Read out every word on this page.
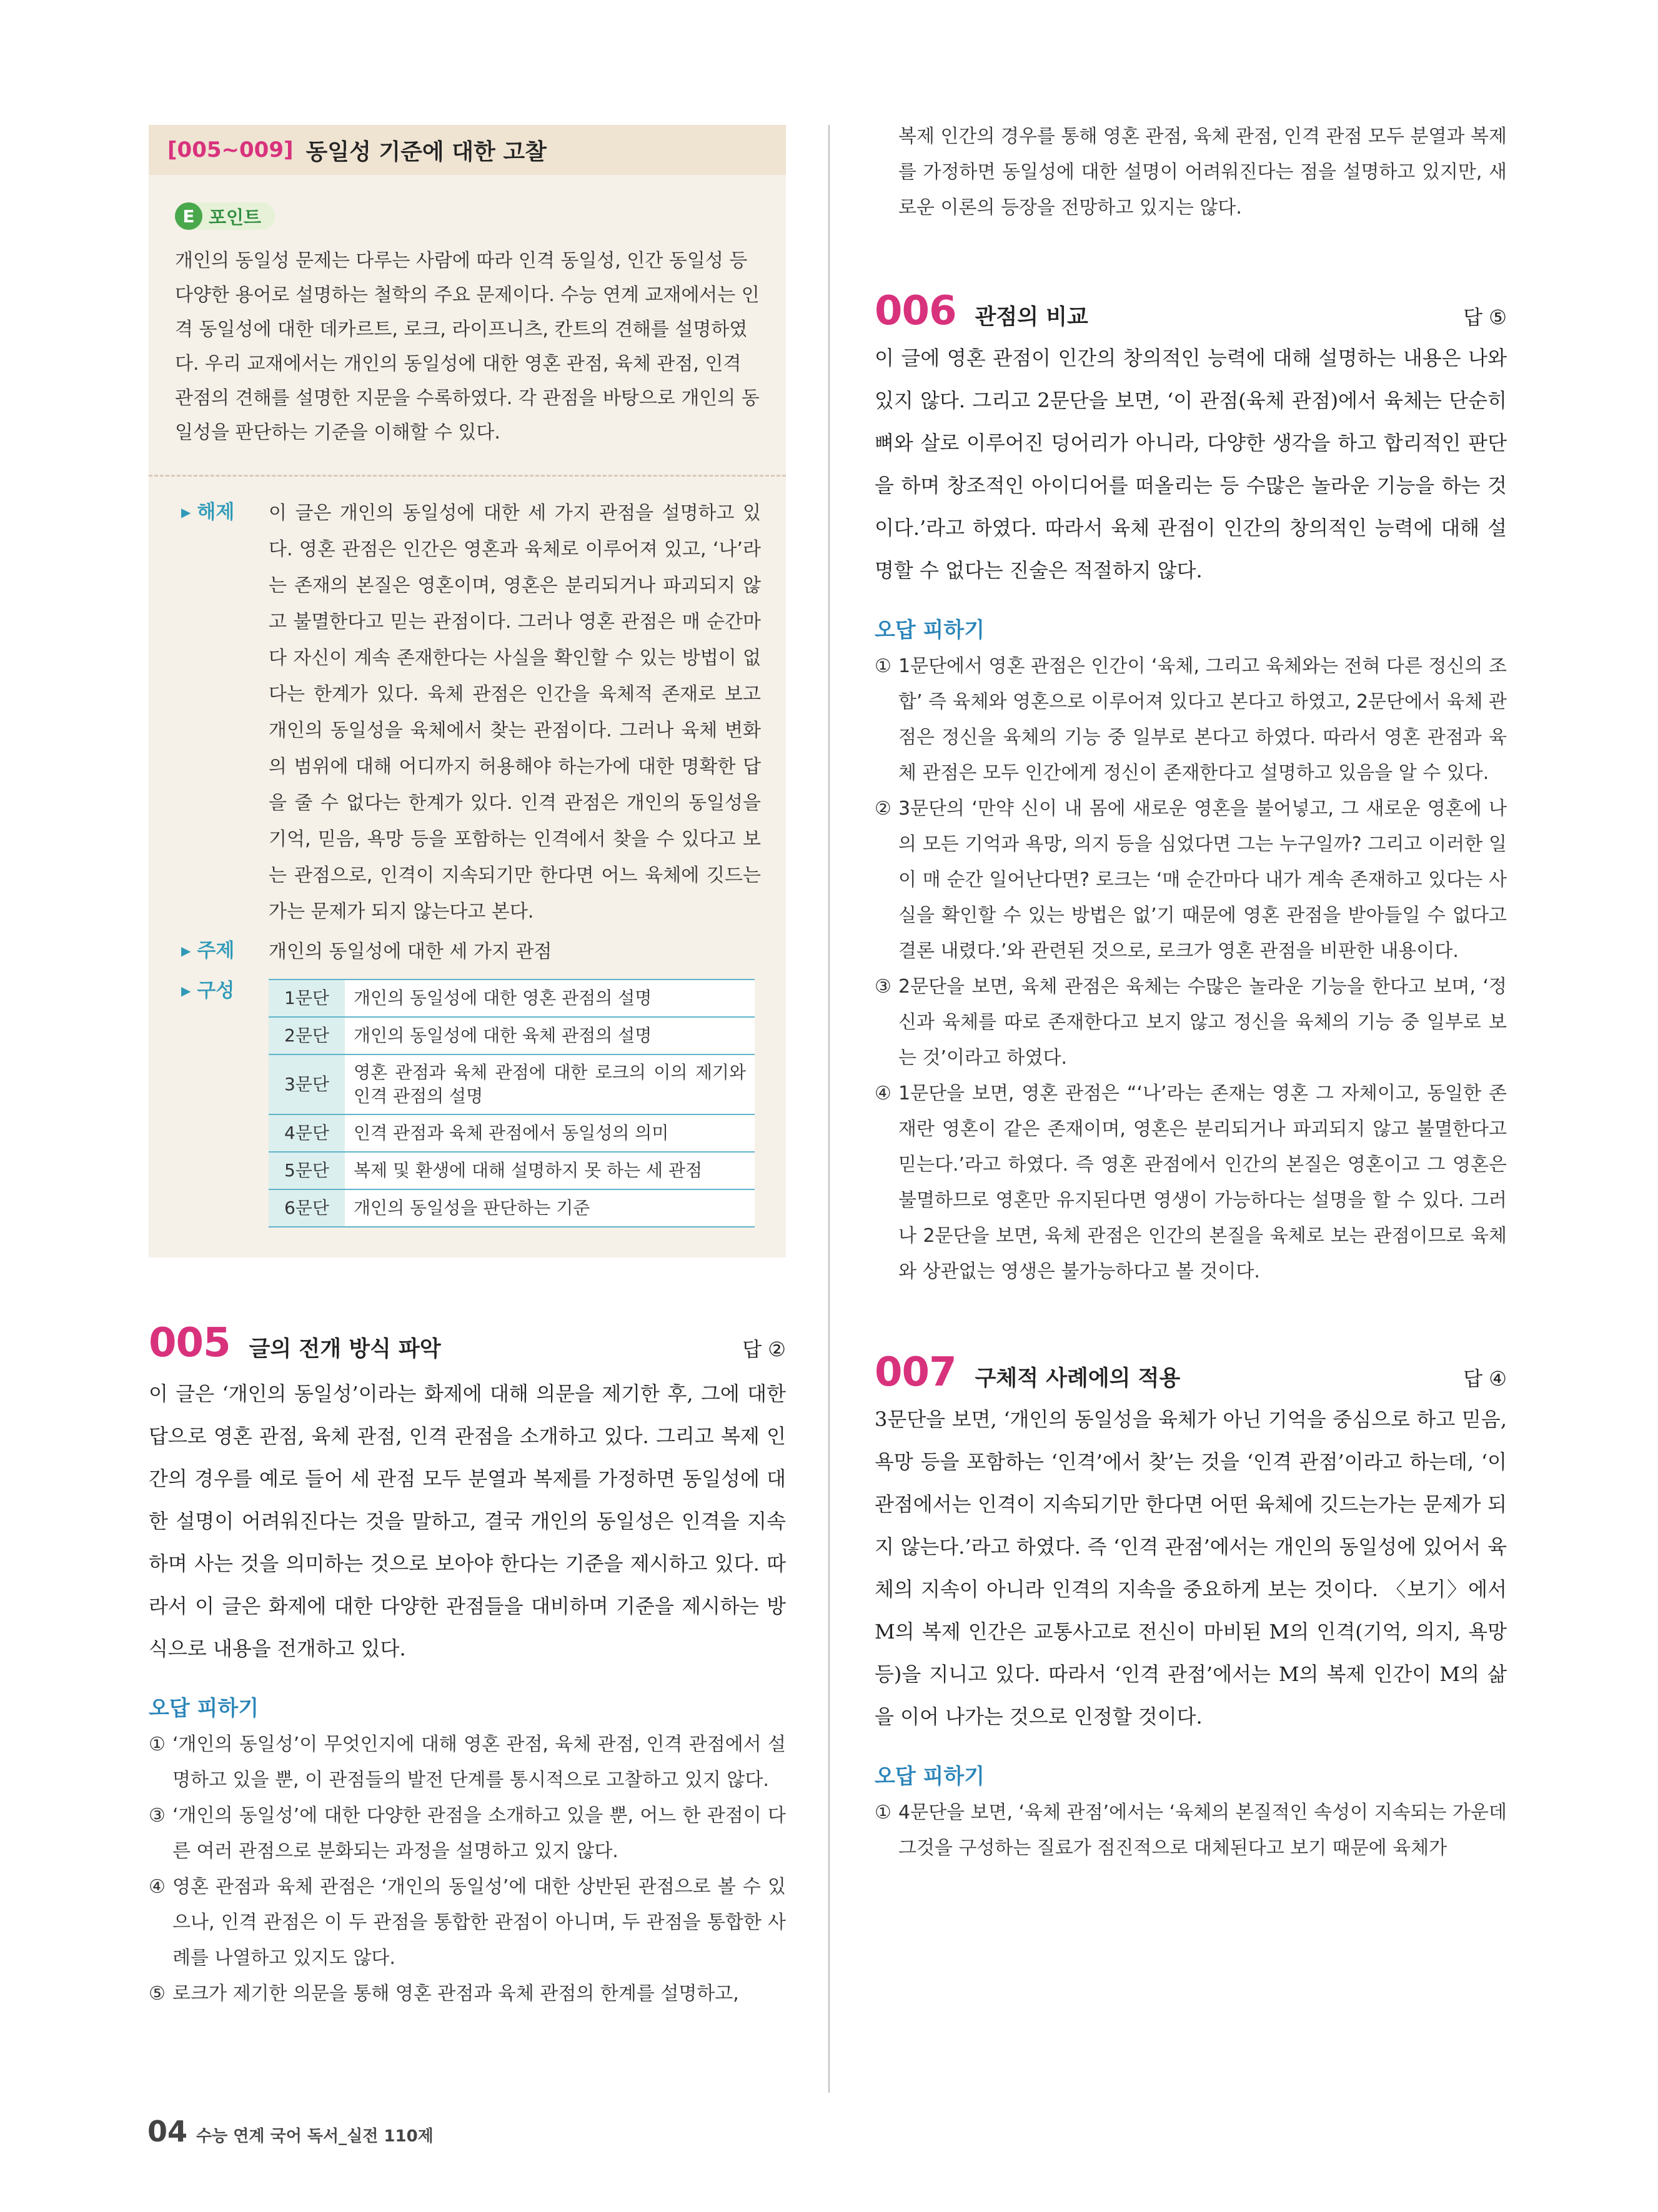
[005~009] 동일성 기준에 대한 고찰
E 포인트
개인의 동일성 문제는 다루는 사람에 따라 인격 동일성, 인간 동일성 등 다양한 용어로 설명하는 철학의 주요 문제이다. 수능 연계 교재에서는 인격 동일성에 대한 데카르트, 로크, 라이프니츠, 칸트의 견해를 설명하였다. 우리 교재에서는 개인의 동일성에 대한 영혼 관점, 육체 관점, 인격 관점의 견해를 설명한 지문을 수록하였다. 각 관점을 바탕으로 개인의 동일성을 판단하는 기준을 이해할 수 있다.
▶ 해제	이 글은 개인의 동일성에 대한 세 가지 관점을 설명하고 있다. 영혼 관점은 인간은 영혼과 육체로 이루어져 있고, ‘나’라는 존재의 본질은 영혼이며, 영혼은 분리되거나 파괴되지 않고 불멸한다고 믿는 관점이다. 그러나 영혼 관점은 매 순간마다 자신이 계속 존재한다는 사실을 확인할 수 있는 방법이 없다는 한계가 있다. 육체 관점은 인간을 육체적 존재로 보고 개인의 동일성을 육체에서 찾는 관점이다. 그러나 육체 변화의 범위에 대해 어디까지 허용해야 하는가에 대한 명확한 답을 줄 수 없다는 한계가 있다. 인격 관점은 개인의 동일성을 기억, 믿음, 욕망 등을 포함하는 인격에서 찾을 수 있다고 보는 관점으로, 인격이 지속되기만 한다면 어느 육체에 깃드는가는 문제가 되지 않는다고 본다.
▶ 주제	개인의 동일성에 대한 세 가지 관점
▶ 구성	1문단	개인의 동일성에 대한 영혼 관점의 설명
2문단	개인의 동일성에 대한 육체 관점의 설명
3문단	영혼 관점과 육체 관점에 대한 로크의 이의 제기와 인격 관점의 설명
4문단	인격 관점과 육체 관점에서 동일성의 의미
5문단	복제 및 환생에 대해 설명하지 못 하는 세 관점
6문단	개인의 동일성을 판단하는 기준
005 글의 전개 방식 파악	답 ②

이 글은 ‘개인의 동일성’이라는 화제에 대해 의문을 제기한 후, 그에 대한 답으로 영혼 관점, 육체 관점, 인격 관점을 소개하고 있다. 그리고 복제 인간의 경우를 예로 들어 세 관점 모두 분열과 복제를 가정하면 동일성에 대한 설명이 어려워진다는 것을 말하고, 결국 개인의 동일성은 인격을 지속하며 사는 것을 의미하는 것으로 보아야 한다는 기준을 제시하고 있다. 따라서 이 글은 화제에 대한 다양한 관점들을 대비하며 기준을 제시하는 방식으로 내용을 전개하고 있다.

오답 피하기
① ‘개인의 동일성’이 무엇인지에 대해 영혼 관점, 육체 관점, 인격 관점에서 설명하고 있을 뿐, 이 관점들의 발전 단계를 통시적으로 고찰하고 있지 않다.
③ ‘개인의 동일성’에 대한 다양한 관점을 소개하고 있을 뿐, 어느 한 관점이 다른 여러 관점으로 분화되는 과정을 설명하고 있지 않다.
④ 영혼 관점과 육체 관점은 ‘개인의 동일성’에 대한 상반된 관점으로 볼 수 있으나, 인격 관점은 이 두 관점을 통합한 관점이 아니며, 두 관점을 통합한 사례를 나열하고 있지도 않다.
⑤ 로크가 제기한 의문을 통해 영혼 관점과 육체 관점의 한계를 설명하고,
복제 인간의 경우를 통해 영혼 관점, 육체 관점, 인격 관점 모두 분열과 복제를 가정하면 동일성에 대한 설명이 어려워진다는 점을 설명하고 있지만, 새로운 이론의 등장을 전망하고 있지는 않다.
006 관점의 비교	답 ⑤

이 글에 영혼 관점이 인간의 창의적인 능력에 대해 설명하는 내용은 나와 있지 않다. 그리고 2문단을 보면, ‘이 관점(육체 관점)에서 육체는 단순히 뼈와 살로 이루어진 덩어리가 아니라, 다양한 생각을 하고 합리적인 판단을 하며 창조적인 아이디어를 떠올리는 등 수많은 놀라운 기능을 하는 것이다.’라고 하였다. 따라서 육체 관점이 인간의 창의적인 능력에 대해 설명할 수 없다는 진술은 적절하지 않다.

오답 피하기
① 1문단에서 영혼 관점은 인간이 ‘육체, 그리고 육체와는 전혀 다른 정신의 조합’ 즉 육체와 영혼으로 이루어져 있다고 본다고 하였고, 2문단에서 육체 관점은 정신을 육체의 기능 중 일부로 본다고 하였다. 따라서 영혼 관점과 육체 관점은 모두 인간에게 정신이 존재한다고 설명하고 있음을 알 수 있다.
② 3문단의 ‘만약 신이 내 몸에 새로운 영혼을 불어넣고, 그 새로운 영혼에 나의 모든 기억과 욕망, 의지 등을 심었다면 그는 누구일까? 그리고 이러한 일이 매 순간 일어난다면? 로크는 ‘매 순간마다 내가 계속 존재하고 있다는 사실을 확인할 수 있는 방법은 없’기 때문에 영혼 관점을 받아들일 수 없다고 결론 내렸다.’와 관련된 것으로, 로크가 영혼 관점을 비판한 내용이다.
③ 2문단을 보면, 육체 관점은 육체는 수많은 놀라운 기능을 한다고 보며, ‘정신과 육체를 따로 존재한다고 보지 않고 정신을 육체의 기능 중 일부로 보는 것’이라고 하였다.
④ 1문단을 보면, 영혼 관점은 “‘나’라는 존재는 영혼 그 자체이고, 동일한 존재란 영혼이 같은 존재이며, 영혼은 분리되거나 파괴되지 않고 불멸한다고 믿는다.’라고 하였다. 즉 영혼 관점에서 인간의 본질은 영혼이고 그 영혼은 불멸하므로 영혼만 유지된다면 영생이 가능하다는 설명을 할 수 있다. 그러나 2문단을 보면, 육체 관점은 인간의 본질을 육체로 보는 관점이므로 육체와 상관없는 영생은 불가능하다고 볼 것이다.
007 구체적 사례에의 적용	답 ④

3문단을 보면, ‘개인의 동일성을 육체가 아닌 기억을 중심으로 하고 믿음, 욕망 등을 포함하는 ‘인격’에서 찾’는 것을 ‘인격 관점’이라고 하는데, ‘이 관점에서는 인격이 지속되기만 한다면 어떤 육체에 깃드는가는 문제가 되지 않는다.’라고 하였다. 즉 ‘인격 관점’에서는 개인의 동일성에 있어서 육체의 지속이 아니라 인격의 지속을 중요하게 보는 것이다. 〈보기〉에서 M의 복제 인간은 교통사고로 전신이 마비된 M의 인격(기억, 의지, 욕망 등)을 지니고 있다. 따라서 ‘인격 관점’에서는 M의 복제 인간이 M의 삶을 이어 나가는 것으로 인정할 것이다.

오답 피하기
① 4문단을 보면, ‘육체 관점’에서는 ‘육체의 본질적인 속성이 지속되는 가운데 그것을 구성하는 질료가 점진적으로 대체된다고 보기 때문에 육체가
04 수능 연계 국어 독서_실전 110제
